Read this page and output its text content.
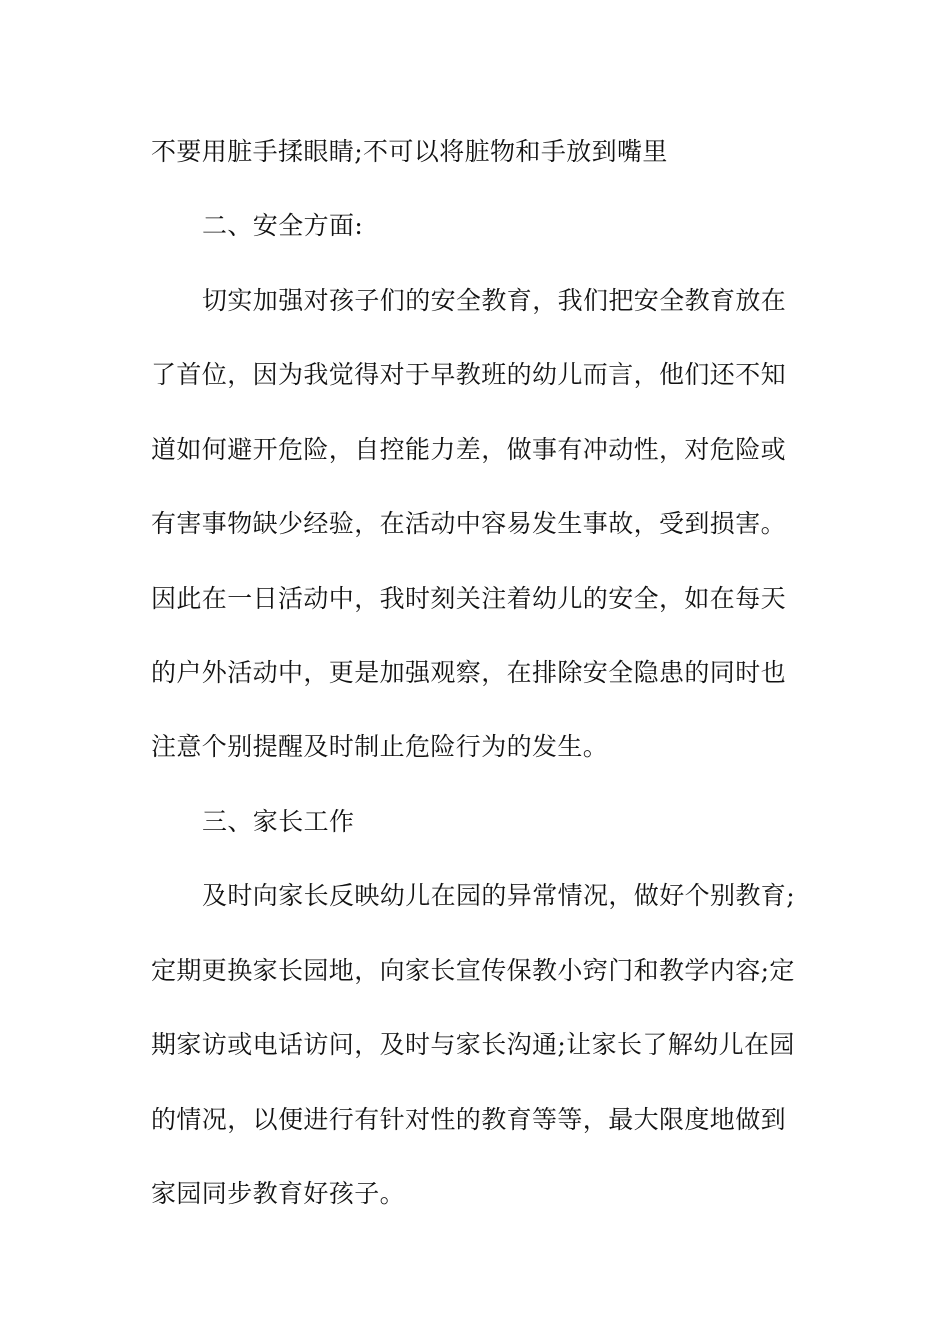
不要用脏手揉眼睛;不可以将脏物和手放到嘴里
二、安全方面:
切实加强对孩子们的安全教育，我们把安全教育放在
了首位，因为我觉得对于早教班的幼儿而言，他们还不知
道如何避开危险，自控能力差，做事有冲动性，对危险或
有害事物缺少经验，在活动中容易发生事故，受到损害。
因此在一日活动中，我时刻关注着幼儿的安全，如在每天
的户外活动中，更是加强观察，在排除安全隐患的同时也
注意个别提醒及时制止危险行为的发生。
三、家长工作
及时向家长反映幼儿在园的异常情况，做好个别教育;
定期更换家长园地，向家长宣传保教小窍门和教学内容;定
期家访或电话访问，及时与家长沟通;让家长了解幼儿在园
的情况，以便进行有针对性的教育等等，最大限度地做到
家园同步教育好孩子。
